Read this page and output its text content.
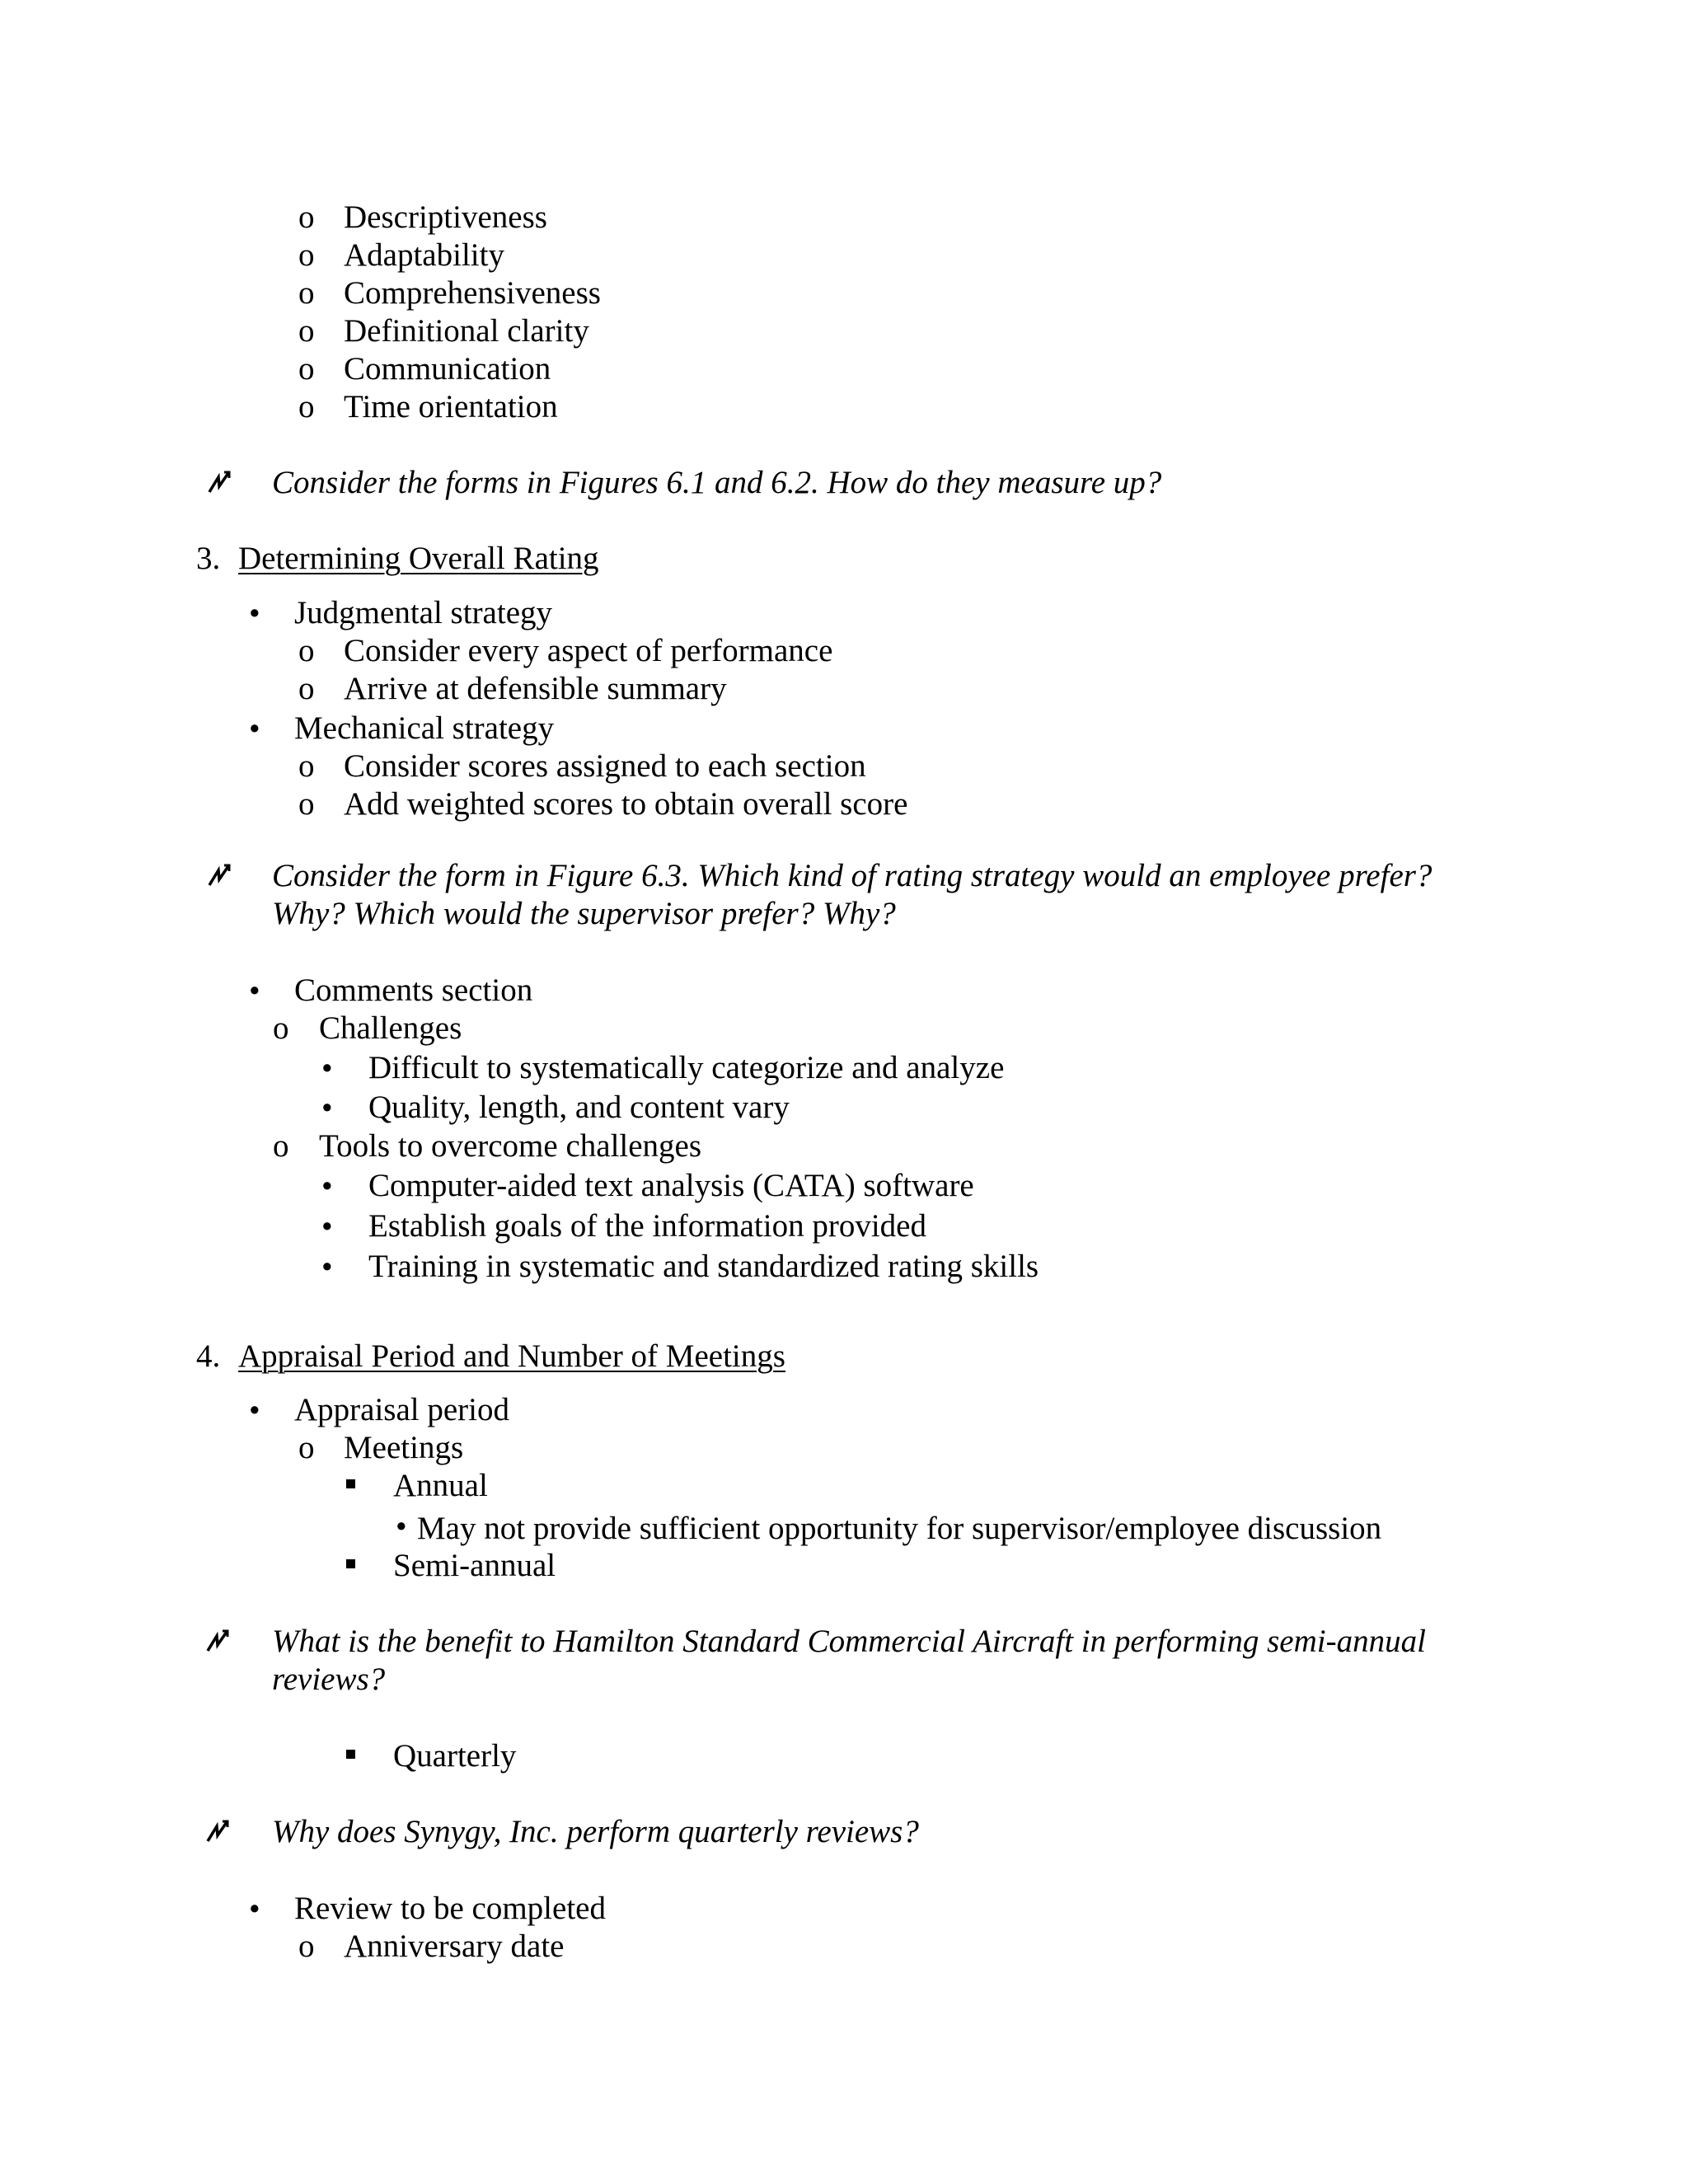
o Descriptiveness
o Adaptability
o Comprehensiveness
o Definitional clarity
o Communication
o Time orientation
Consider the forms in Figures 6.1 and 6.2. How do they measure up?
3. Determining Overall Rating
• Judgmental strategy
o Consider every aspect of performance
o Arrive at defensible summary
• Mechanical strategy
o Consider scores assigned to each section
o Add weighted scores to obtain overall score
Consider the form in Figure 6.3. Which kind of rating strategy would an employee prefer?
Why? Which would the supervisor prefer? Why?
• Comments section
o Challenges
• Difficult to systematically categorize and analyze
• Quality, length, and content vary
o Tools to overcome challenges
• Computer-aided text analysis (CATA) software
• Establish goals of the information provided
• Training in systematic and standardized rating skills
4. Appraisal Period and Number of Meetings
• Appraisal period
o Meetings
Annual
• May not provide sufficient opportunity for supervisor/employee discussion
Semi-annual
What is the benefit to Hamilton Standard Commercial Aircraft in performing semi-annual
reviews?
Quarterly
Why does Synygy, Inc. perform quarterly reviews?
• Review to be completed
o Anniversary date
